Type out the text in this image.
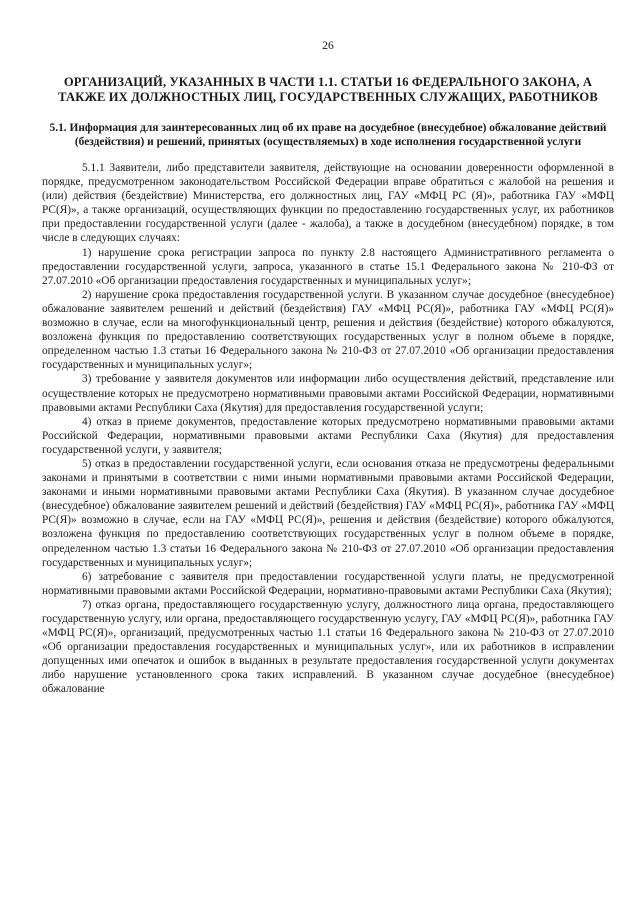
26
ОРГАНИЗАЦИЙ, УКАЗАННЫХ В ЧАСТИ 1.1. СТАТЬИ 16 ФЕДЕРАЛЬНОГО ЗАКОНА, А ТАКЖЕ ИХ ДОЛЖНОСТНЫХ ЛИЦ, ГОСУДАРСТВЕННЫХ СЛУЖАЩИХ, РАБОТНИКОВ
5.1. Информация для заинтересованных лиц об их праве на досудебное (внесудебное) обжалование действий (бездействия) и решений, принятых (осуществляемых) в ходе исполнения государственной услуги

5.1.1 Заявители, либо представители заявителя, действующие на основании доверенности оформленной в порядке, предусмотренном законодательством Российской Федерации вправе обратиться с жалобой на решения и (или) действия (бездействие) Министерства, его должностных лиц, ГАУ «МФЦ РС (Я)», работника ГАУ «МФЦ РС(Я)», а также организаций, осуществляющих функции по предоставлению государственных услуг, их работников при предоставлении государственной услуги (далее - жалоба), а также в досудебном (внесудебном) порядке, в том числе в следующих случаях:

1) нарушение срока регистрации запроса по пункту 2.8 настоящего Административного регламента о предоставлении государственной услуги, запроса, указанного в статье 15.1 Федерального закона № 210-ФЗ от 27.07.2010 «Об организации предоставления государственных и муниципальных услуг»;

2) нарушение срока предоставления государственной услуги. В указанном случае досудебное (внесудебное) обжалование заявителем решений и действий (бездействия) ГАУ «МФЦ РС(Я)», работника ГАУ «МФЦ РС(Я)» возможно в случае, если на многофункциональный центр, решения и действия (бездействие) которого обжалуются, возложена функция по предоставлению соответствующих государственных услуг в полном объеме в порядке, определенном частью 1.3 статьи 16 Федерального закона № 210-ФЗ от 27.07.2010 «Об организации предоставления государственных и муниципальных услуг»;

3) требование у заявителя документов или информации либо осуществления действий, представление или осуществление которых не предусмотрено нормативными правовыми актами Российской Федерации, нормативными правовыми актами Республики Саха (Якутия) для предоставления государственной услуги;

4) отказ в приеме документов, предоставление которых предусмотрено нормативными правовыми актами Российской Федерации, нормативными правовыми актами Республики Саха (Якутия) для предоставления государственной услуги, у заявителя;

5) отказ в предоставлении государственной услуги, если основания отказа не предусмотрены федеральными законами и принятыми в соответствии с ними иными нормативными правовыми актами Российской Федерации, законами и иными нормативными правовыми актами Республики Саха (Якутия). В указанном случае досудебное (внесудебное) обжалование заявителем решений и действий (бездействия) ГАУ «МФЦ РС(Я)», работника ГАУ «МФЦ РС(Я)» возможно в случае, если на ГАУ «МФЦ РС(Я)», решения и действия (бездействие) которого обжалуются, возложена функция по предоставлению соответствующих государственных услуг в полном объеме в порядке, определенном частью 1.3 статьи 16 Федерального закона № 210-ФЗ от 27.07.2010 «Об организации предоставления государственных и муниципальных услуг»;

6) затребование с заявителя при предоставлении государственной услуги платы, не предусмотренной нормативными правовыми актами Российской Федерации, нормативно-правовыми актами Республики Саха (Якутия);

7) отказ органа, предоставляющего государственную услугу, должностного лица органа, предоставляющего государственную услугу, или органа, предоставляющего государственную услугу, ГАУ «МФЦ РС(Я)», работника ГАУ «МФЦ РС(Я)», организаций, предусмотренных частью 1.1 статьи 16 Федерального закона № 210-ФЗ от 27.07.2010 «Об организации предоставления государственных и муниципальных услуг», или их работников в исправлении допущенных ими опечаток и ошибок в выданных в результате предоставления государственной услуги документах либо нарушение установленного срока таких исправлений. В указанном случае досудебное (внесудебное) обжалование
